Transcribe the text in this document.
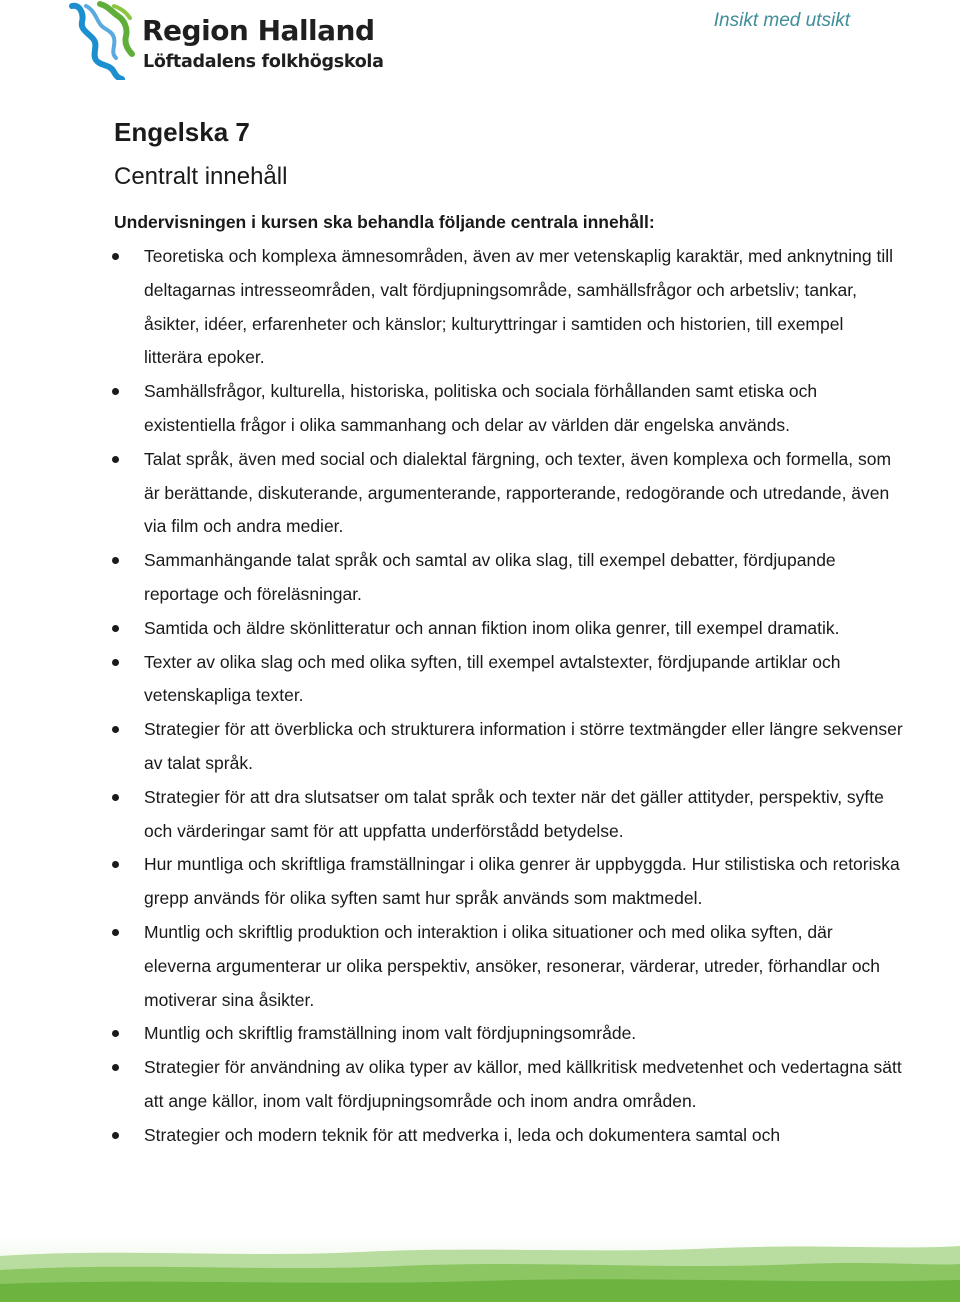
Region Halland
Löftadalens folkhögskola
Insikt med utsikt
Engelska 7
Centralt innehåll

Undervisningen i kursen ska behandla följande centrala innehåll:

Teoretiska och komplexa ämnesområden, även av mer vetenskaplig karaktär, med anknytning till deltagarnas intresseområden, valt fördjupningsområde, samhällsfrågor och arbetsliv; tankar, åsikter, idéer, erfarenheter och känslor; kulturyttringar i samtiden och historien, till exempel litterära epoker.
Samhällsfrågor, kulturella, historiska, politiska och sociala förhållanden samt etiska och existentiella frågor i olika sammanhang och delar av världen där engelska används.
Talat språk, även med social och dialektal färgning, och texter, även komplexa och formella, som är berättande, diskuterande, argumenterande, rapporterande, redogörande och utredande, även via film och andra medier.
Sammanhängande talat språk och samtal av olika slag, till exempel debatter, fördjupande reportage och föreläsningar.
Samtida och äldre skönlitteratur och annan fiktion inom olika genrer, till exempel dramatik.
Texter av olika slag och med olika syften, till exempel avtalstexter, fördjupande artiklar och vetenskapliga texter.
Strategier för att överblicka och strukturera information i större textmängder eller längre sekvenser av talat språk.
Strategier för att dra slutsatser om talat språk och texter när det gäller attityder, perspektiv, syfte och värderingar samt för att uppfatta underförstådd betydelse.
Hur muntliga och skriftliga framställningar i olika genrer är uppbyggda. Hur stilistiska och retoriska grepp används för olika syften samt hur språk används som maktmedel.
Muntlig och skriftlig produktion och interaktion i olika situationer och med olika syften, där eleverna argumenterar ur olika perspektiv, ansöker, resonerar, värderar, utreder, förhandlar och motiverar sina åsikter.
Muntlig och skriftlig framställning inom valt fördjupningsområde.
Strategier för användning av olika typer av källor, med källkritisk medvetenhet och vedertagna sätt att ange källor, inom valt fördjupningsområde och inom andra områden.
Strategier och modern teknik för att medverka i, leda och dokumentera samtal och
